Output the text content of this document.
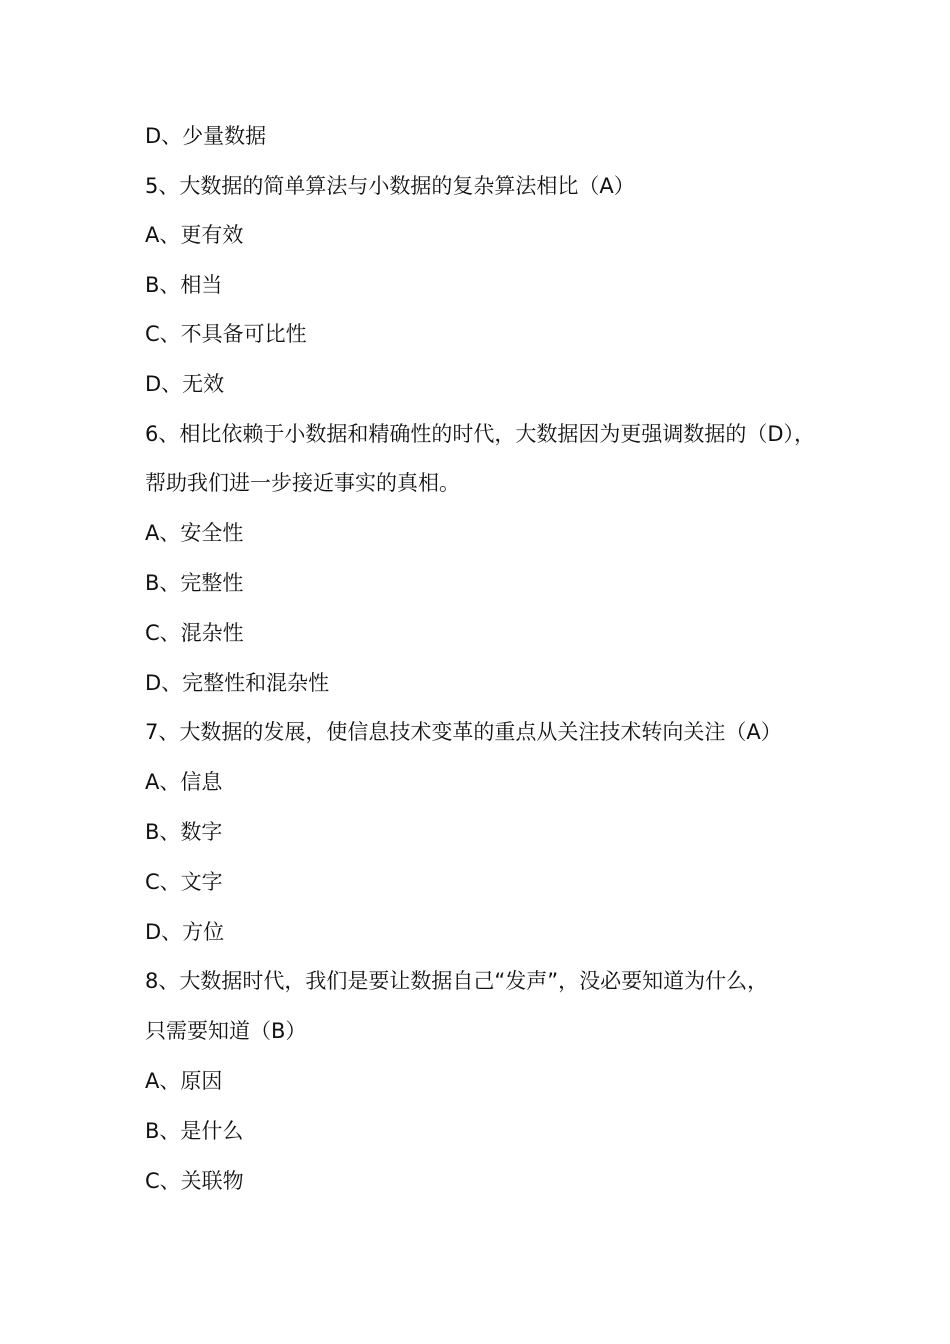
D、少量数据
5、大数据的简单算法与小数据的复杂算法相比（A）
A、更有效
B、相当
C、不具备可比性
D、无效
6、相比依赖于小数据和精确性的时代，大数据因为更强调数据的（D），
帮助我们进一步接近事实的真相。
A、安全性
B、完整性
C、混杂性
D、完整性和混杂性
7、大数据的发展，使信息技术变革的重点从关注技术转向关注（A）
A、信息
B、数字
C、文字
D、方位
8、大数据时代，我们是要让数据自己“发声”，没必要知道为什么，
只需要知道（B）
A、原因
B、是什么
C、关联物
